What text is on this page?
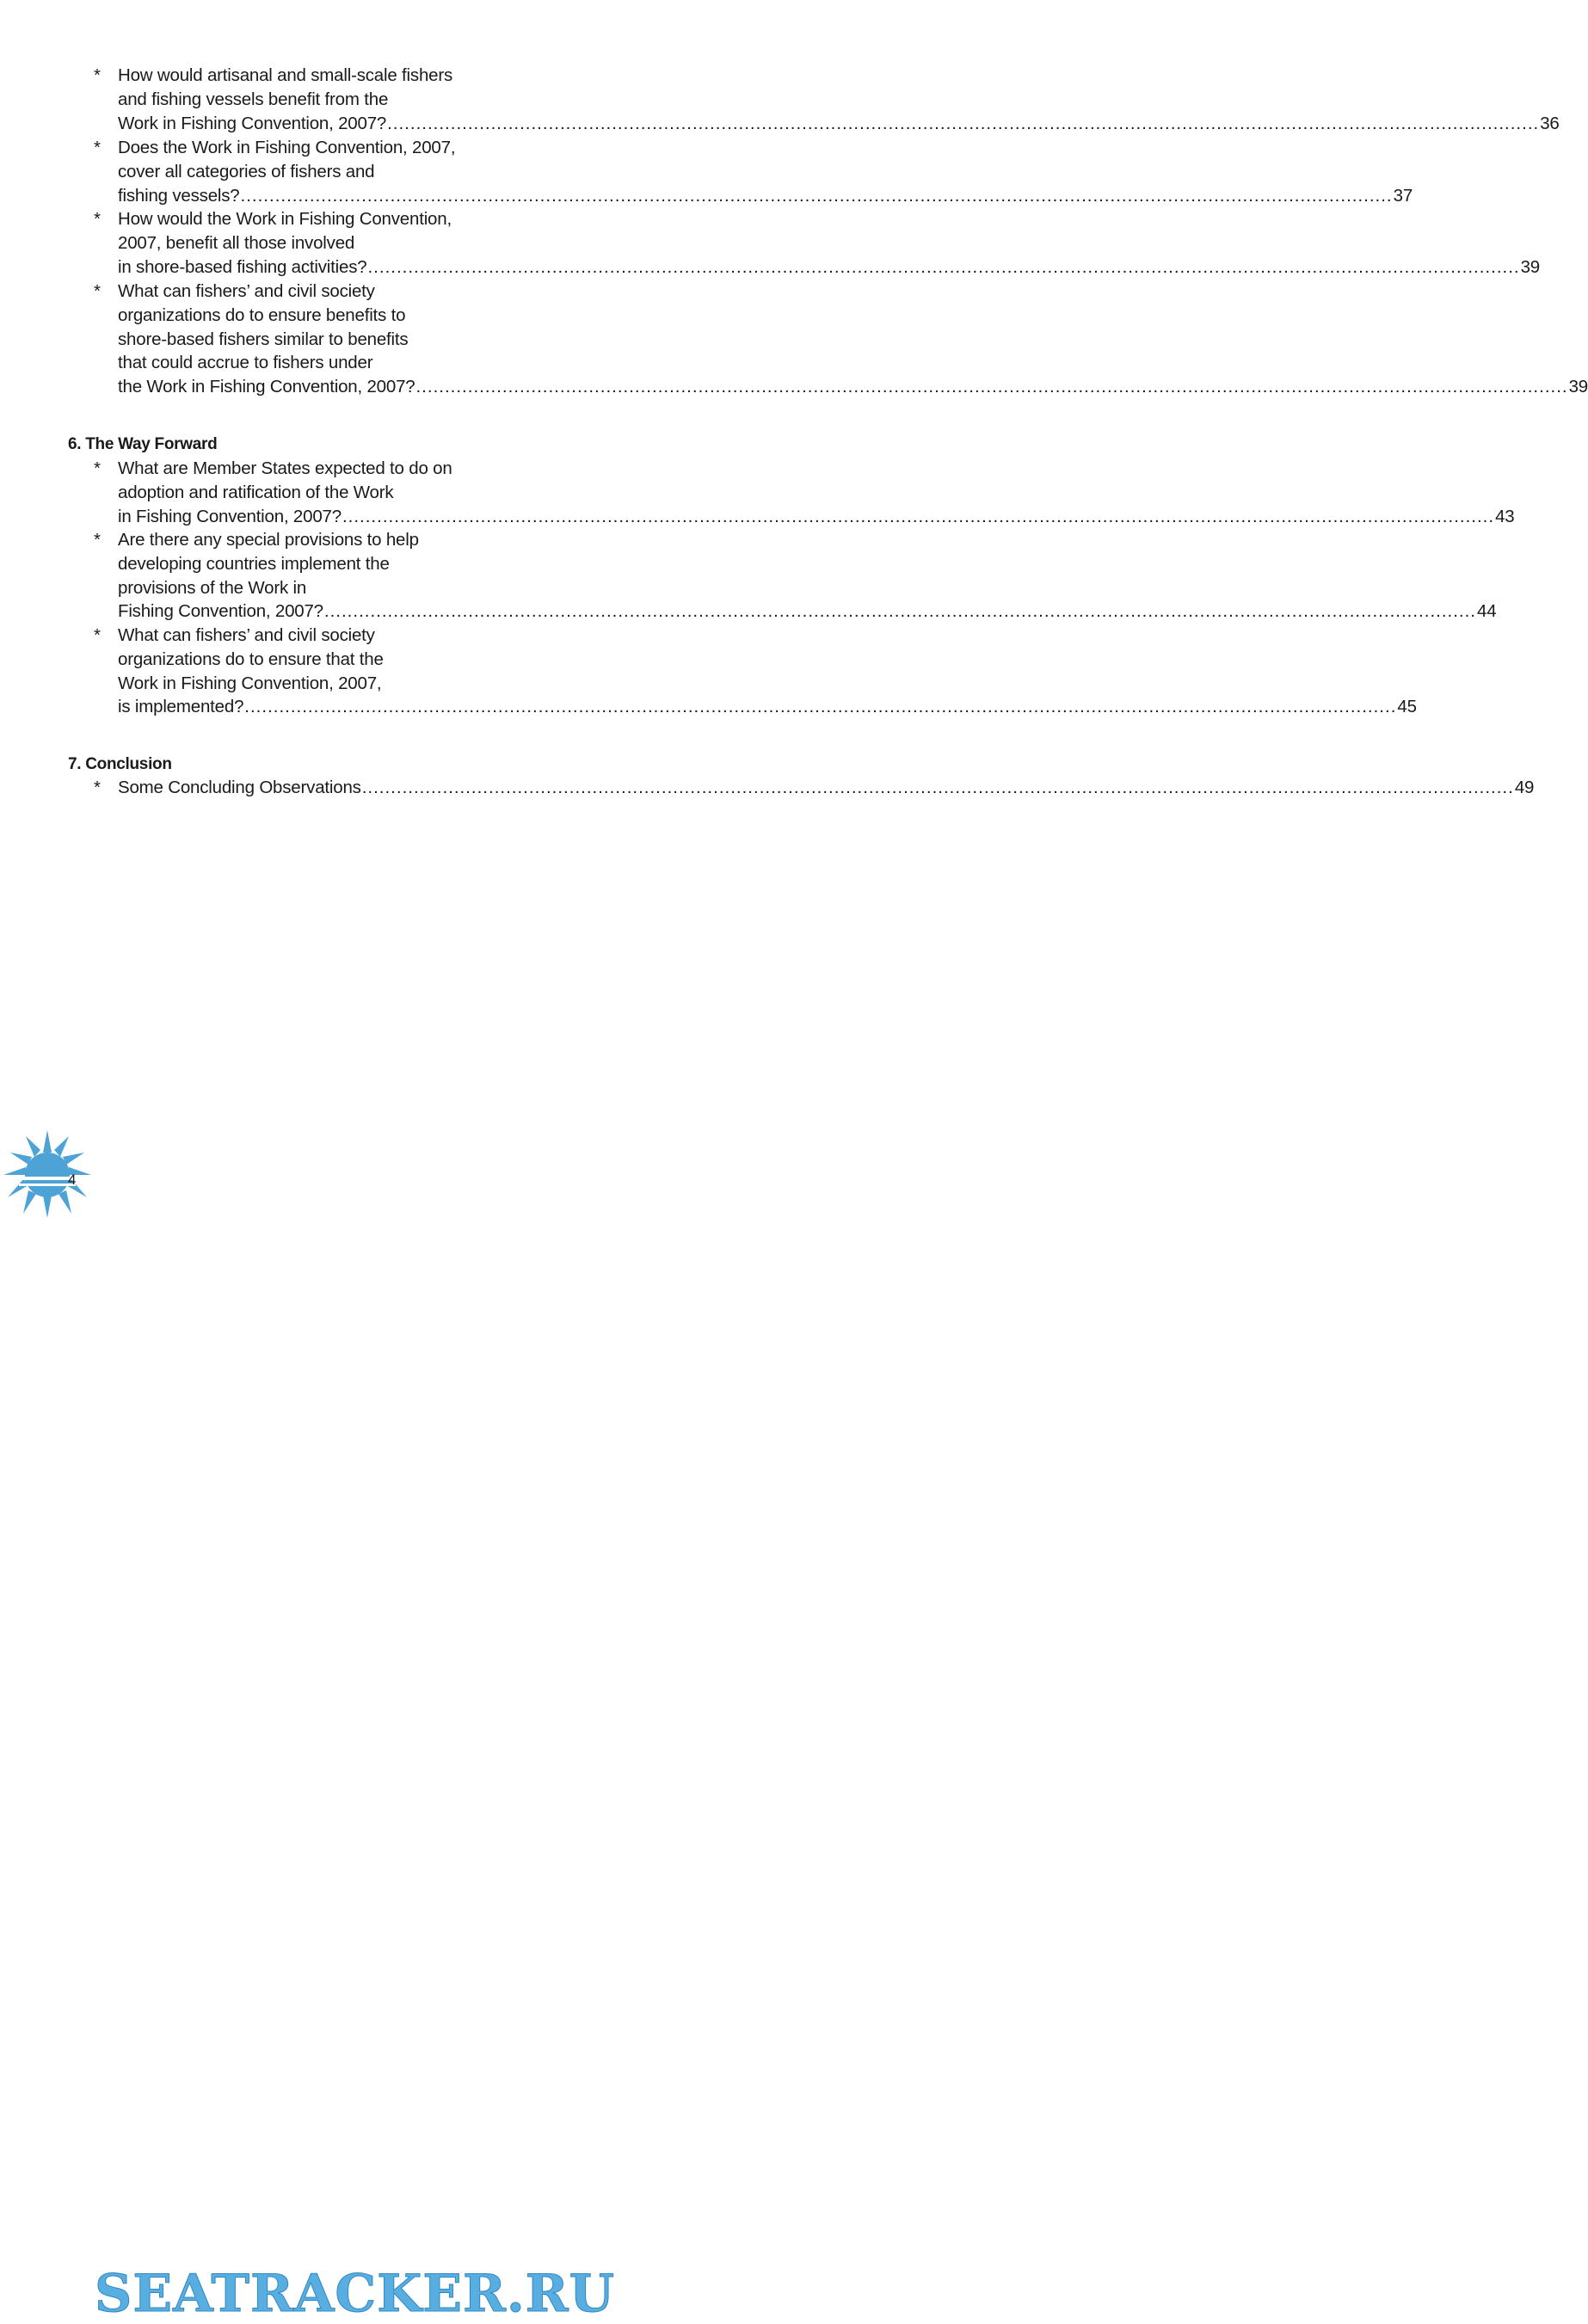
* How would artisanal and small-scale fishers
and fishing vessels benefit from the
Work in Fishing Convention, 2007? ........................................................................................................................................................................................................ 36
* Does the Work in Fishing Convention, 2007,
cover all categories of fishers and
fishing vessels? ........................................................................................................................................................................................................ 37
* How would the Work in Fishing Convention,
2007, benefit all those involved
in shore-based fishing activities? ........................................................................................................................................................................................................ 39
* What can fishers’ and civil society
organizations do to ensure benefits to
shore-based fishers similar to benefits
that could accrue to fishers under
the Work in Fishing Convention, 2007? ........................................................................................................................................................................................................ 39
6. The Way Forward
* What are Member States expected to do on
adoption and ratification of the Work
in Fishing Convention, 2007? ........................................................................................................................................................................................................ 43
* Are there any special provisions to help
developing countries implement the
provisions of the Work in
Fishing Convention, 2007? ........................................................................................................................................................................................................ 44
* What can fishers’ and civil society
organizations do to ensure that the
Work in Fishing Convention, 2007,
is implemented? ........................................................................................................................................................................................................ 45
7. Conclusion
* Some Concluding Observations ........................................................................................................................................................................................................ 49
SEATRACKER.RU
4
